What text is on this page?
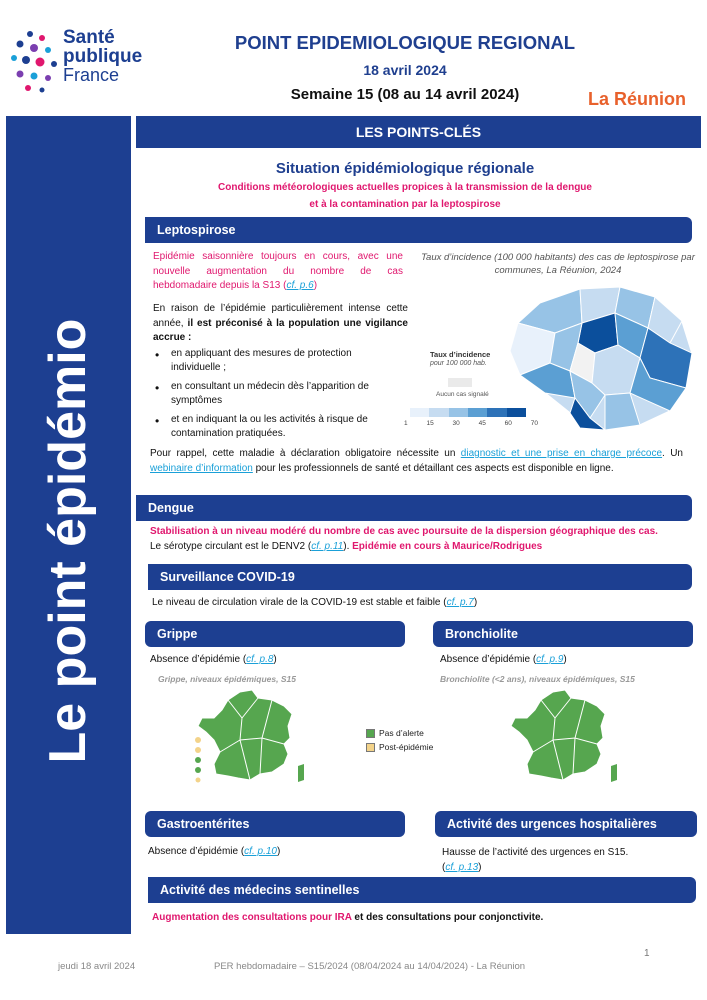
Santé
publique
France
POINT EPIDEMIOLOGIQUE REGIONAL
18 avril 2024
Semaine 15 (08 au 14 avril 2024)	La Réunion
Le point épidémio
LES POINTS-CLÉS
Situation épidémiologique régionale
Conditions météorologiques actuelles propices à la transmission de la dengue
et à la contamination par la leptospirose
Leptospirose
Epidémie saisonnière toujours en cours, avec une nouvelle augmentation du nombre de cas hebdomadaire depuis la S13 (cf. p.6)
En raison de l’épidémie particulièrement intense cette année, il est préconisé à la population une vigilance accrue :
• en appliquant des mesures de protection individuelle ;
• en consultant un médecin dès l’apparition de symptômes
• et en indiquant la ou les activités à risque de contamination pratiquées.
Taux d’incidence (100 000 habitants) des cas de leptospirose par communes, La Réunion, 2024
Taux d’incidence
pour 100 000 hab.
Aucun cas signalé
1	15	30	45	60	70
Pour rappel, cette maladie à déclaration obligatoire nécessite un diagnostic et une prise en charge précoce. Un webinaire d’information pour les professionnels de santé et détaillant ces aspects est disponible en ligne.
Dengue
Stabilisation à un niveau modéré du nombre de cas avec poursuite de la dispersion géographique des cas.
Le sérotype circulant est le DENV2 (cf. p.11). Epidémie en cours à Maurice/Rodrigues
Surveillance COVID-19
Le niveau de circulation virale de la COVID-19 est stable et faible (cf. p.7)
Grippe	Bronchiolite
Absence d’épidémie (cf. p.8)	Absence d’épidémie (cf. p.9)
Grippe, niveaux épidémiques, S15	Bronchiolite (<2 ans), niveaux épidémiques, S15
Pas d’alerte
Post-épidémie
Gastroentérites	Activité des urgences hospitalières
Absence d’épidémie (cf. p.10)	Hausse de l’activité des urgences en S15.
(cf. p.13)
Activité des médecins sentinelles
Augmentation des consultations pour IRA et des consultations pour conjonctivite.
1
jeudi 18 avril 2024	PER hebdomadaire – S15/2024 (08/04/2024 au 14/04/2024) - La Réunion
